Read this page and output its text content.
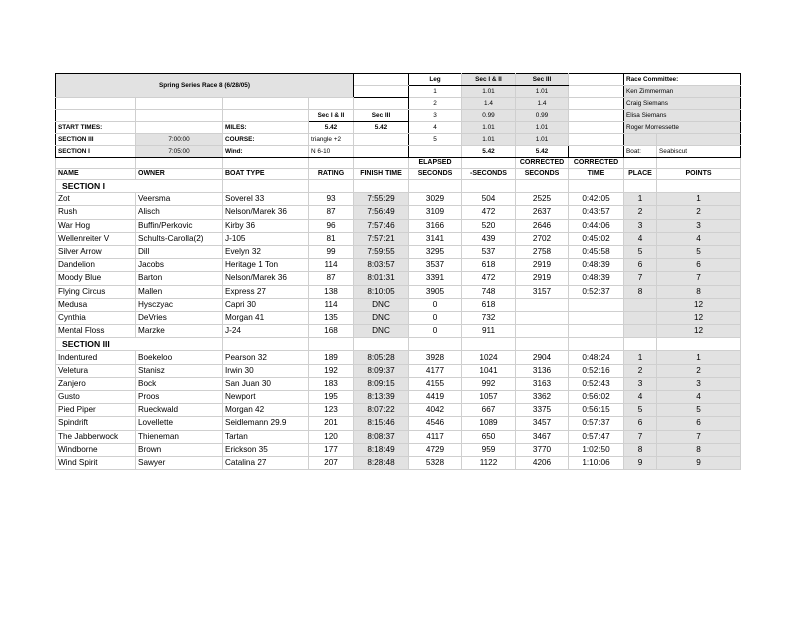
Spring Series Race 8 (6/28/05)					Leg	Sec I & II	Sec III		Race Committee:	
					1	1.01	1.01		Ken Zimmerman	
					2	1.4	1.4		Craig Siemans	
			Sec I & II	Sec III	3	0.99	0.99		Elisa Siemans	
START TIMES:		MILES:	5.42	5.42	4	1.01	1.01		Roger Morressette	
SECTION III	7:00:00	COURSE:	triangle +2		5	1.01	1.01			
SECTION I	7:05:00	Wind:	N 6-10			5.42	5.42		Boat:	Seabiscut
					ELAPSED		CORRECTED	CORRECTED		
NAME	OWNER	BOAT TYPE	RATING	FINISH TIME	SECONDS	-SECONDS	SECONDS	TIME	PLACE	POINTS
SECTION I										
Zot	Veersma	Soverel 33	93	7:55:29	3029	504	2525	0:42:05	1	1
Rush	Alisch	Nelson/Marek 36	87	7:56:49	3109	472	2637	0:43:57	2	2
War Hog	Buffin/Perkovic	Kirby 36	96	7:57:46	3166	520	2646	0:44:06	3	3
Wellenreiter V	Schults-Carolla(2)	J-105	81	7:57:21	3141	439	2702	0:45:02	4	4
Silver Arrow	Dill	Evelyn 32	99	7:59:55	3295	537	2758	0:45:58	5	5
Dandelion	Jacobs	Heritage 1 Ton	114	8:03:57	3537	618	2919	0:48:39	6	6
Moody Blue	Barton	Nelson/Marek 36	87	8:01:31	3391	472	2919	0:48:39	7	7
Flying Circus	Mallen	Express 27	138	8:10:05	3905	748	3157	0:52:37	8	8
Medusa	Hysczyac	Capri 30	114	DNC	0	618				12
Cynthia	DeVries	Morgan 41	135	DNC	0	732				12
Mental Floss	Marzke	J-24	168	DNC	0	911				12
SECTION III										
Indentured	Boekeloo	Pearson 32	189	8:05:28	3928	1024	2904	0:48:24	1	1
Veletura	Stanisz	Irwin 30	192	8:09:37	4177	1041	3136	0:52:16	2	2
Zanjero	Bock	San Juan 30	183	8:09:15	4155	992	3163	0:52:43	3	3
Gusto	Proos	Newport	195	8:13:39	4419	1057	3362	0:56:02	4	4
Pied Piper	Rueckwald	Morgan 42	123	8:07:22	4042	667	3375	0:56:15	5	5
Spindrift	Lovellette	Seidlemann 29.9	201	8:15:46	4546	1089	3457	0:57:37	6	6
The Jabberwock	Thieneman	Tartan	120	8:08:37	4117	650	3467	0:57:47	7	7
Windborne	Brown	Erickson 35	177	8:18:49	4729	959	3770	1:02:50	8	8
Wind Spirit	Sawyer	Catalina 27	207	8:28:48	5328	1122	4206	1:10:06	9	9
